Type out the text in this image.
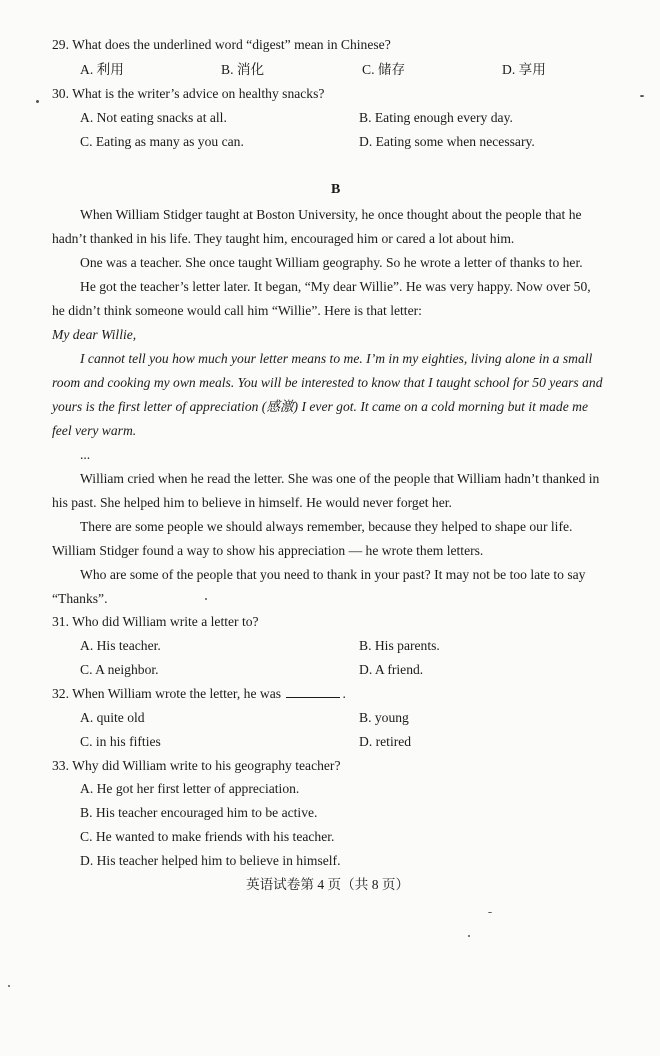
29. What does the underlined word “digest” mean in Chinese?
A. 利用	B. 消化	C. 储存	D. 享用
30. What is the writer’s advice on healthy snacks?
A. Not eating snacks at all.	B. Eating enough every day.
C. Eating as many as you can.	D. Eating some when necessary.
B
When William Stidger taught at Boston University, he once thought about the people that he
hadn’t thanked in his life. They taught him, encouraged him or cared a lot about him.
One was a teacher. She once taught William geography. So he wrote a letter of thanks to her.
He got the teacher’s letter later. It began, “My dear Willie”. He was very happy. Now over 50,
he didn’t think someone would call him “Willie”. Here is that letter:
My dear Willie,
I cannot tell you how much your letter means to me. I’m in my eighties, living alone in a small
room and cooking my own meals. You will be interested to know that I taught school for 50 years and
yours is the first letter of appreciation (感激) I ever got. It came on a cold morning but it made me
feel very warm.
...
William cried when he read the letter. She was one of the people that William hadn’t thanked in
his past. She helped him to believe in himself. He would never forget her.
There are some people we should always remember, because they helped to shape our life.
William Stidger found a way to show his appreciation — he wrote them letters.
Who are some of the people that you need to thank in your past? It may not be too late to say
“Thanks”.
31. Who did William write a letter to?
A. His teacher.	B. His parents.
C. A neighbor.	D. A friend.
32. When William wrote the letter, he was	.
A. quite old	B. young
C. in his fifties	D. retired
33. Why did William write to his geography teacher?
A. He got her first letter of appreciation.
B. His teacher encouraged him to be active.
C. He wanted to make friends with his teacher.
D. His teacher helped him to believe in himself.
英语试卷第 4 页（共 8 页）
